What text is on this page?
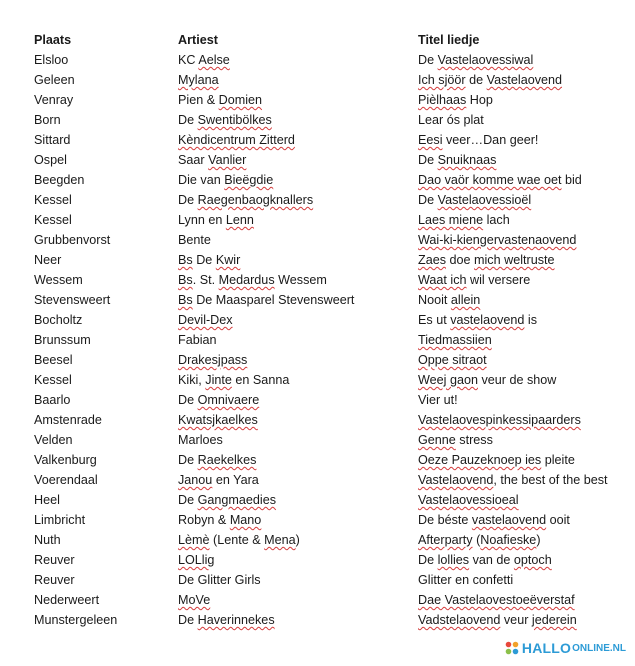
Plaats	Artiest	Titel liedje
Elsloo	KC Aelse	De Vastelaovessiwal
Geleen	Mylana	Ich sjöör de Vastelaovend
Venray	Pien & Domien	Pièlhaas Hop
Born	De Swentibölkes	Lear ós plat
Sittard	Kèndicentrum Zitterd	Eesi veer…Dan geer!
Ospel	Saar Vanlier	De Snuiknaas
Beegden	Die van Bieëgdie	Dao vaör komme wae oet bid
Kessel	De Raegenbaogknallers	De Vastelaovessioël
Kessel	Lynn en Lenn	Laes miene lach
Grubbenvorst	Bente	Wai-ki-kiengervastenaovend
Neer	Bs De Kwir	Zaes doe mich weltruste
Wessem	Bs. St. Medardus Wessem	Waat ich wil versere
Stevensweert	Bs De Maasparel Stevensweert	Nooit allein
Bocholtz	Devil-Dex	Es ut vastelaovend is
Brunssum	Fabian	Tiedmassiien
Beesel	Drakesjpass	Oppe sitraot
Kessel	Kiki, Jinte en Sanna	Weej gaon veur de show
Baarlo	De Omnivaere	Vier ut!
Amstenrade	Kwatsjkaelkes	Vastelaovespinkessipaarders
Velden	Marloes	Genne stress
Valkenburg	De Raekelkes	Oeze Pauzeknoep ies pleite
Voerendaal	Janou en Yara	Vastelaovend, the best of the best
Heel	De Gangmaedies	Vastelaovessioeal
Limbricht	Robyn & Mano	De béste vastelaovend ooit
Nuth	Lèmè (Lente & Mena)	Afterparty (Noafieske)
Reuver	LOLlig	De lollies van de optoch
Reuver	De Glitter Girls	Glitter en confetti
Nederweert	MoVe	Dae Vastelaovestoeëverstaf
Munstergeleen	De Haverinnekes	Vadstelaovend veur jederein
HALLO ONLINE.NL
